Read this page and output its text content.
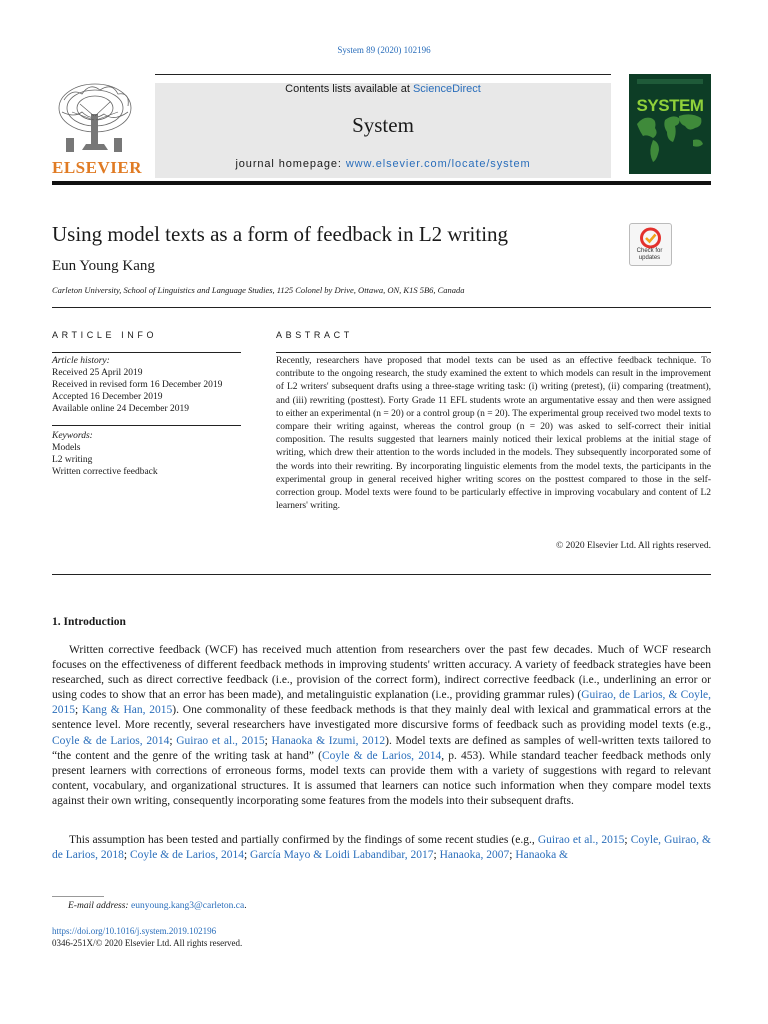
System 89 (2020) 102196
Contents lists available at ScienceDirect
System
journal homepage: www.elsevier.com/locate/system
ELSEVIER
SYSTEM
Using model texts as a form of feedback in L2 writing
Check for updates
Eun Young Kang
Carleton University, School of Linguistics and Language Studies, 1125 Colonel by Drive, Ottawa, ON, K1S 5B6, Canada
ARTICLE INFO	ABSTRACT
Article history:
Received 25 April 2019
Received in revised form 16 December 2019
Accepted 16 December 2019
Available online 24 December 2019
Keywords:
Models
L2 writing
Written corrective feedback
Recently, researchers have proposed that model texts can be used as an effective feedback technique. To contribute to the ongoing research, the study examined the extent to which models can result in the improvement of L2 writers' subsequent drafts using a three-stage writing task: (i) writing (pretest), (ii) comparing (treatment), and (iii) rewriting (posttest). Forty Grade 11 EFL students wrote an argumentative essay and then were assigned to either an experimental (n = 20) or a control group (n = 20). The experimental group received two model texts to compare their writing against, whereas the control group (n = 20) was asked to self-correct their initial composition. The results suggested that learners mainly noticed their lexical problems at the initial stage of writing, which drew their attention to the words included in the models. They subsequently incorporated some of the words into their rewriting. By incorporating linguistic elements from the model texts, the participants in the experimental group in general received higher writing scores on the posttest compared to those in the self-correction group. Model texts were found to be particularly effective in improving vocabulary and content of L2 learners' writing.
© 2020 Elsevier Ltd. All rights reserved.
1. Introduction
Written corrective feedback (WCF) has received much attention from researchers over the past few decades. Much of WCF research focuses on the effectiveness of different feedback methods in improving students' written accuracy. A variety of feedback strategies have been researched, such as direct corrective feedback (i.e., provision of the correct form), indirect corrective feedback (i.e., underlining an error or using codes to show that an error has been made), and metalinguistic explanation (i.e., providing grammar rules) (Guirao, de Larios, & Coyle, 2015; Kang & Han, 2015). One commonality of these feedback methods is that they mainly deal with lexical and grammatical errors at the sentence level. More recently, several researchers have investigated more discursive forms of feedback such as providing model texts (e.g., Coyle & de Larios, 2014; Guirao et al., 2015; Hanaoka & Izumi, 2012). Model texts are defined as samples of well-written texts tailored to “the content and the genre of the writing task at hand” (Coyle & de Larios, 2014, p. 453). While standard teacher feedback methods only present learners with corrections of erroneous forms, model texts can provide them with a variety of suggestions with regard to relevant content, vocabulary, and organizational structures. It is assumed that learners can notice such information when they compare model texts against their own writing, consequently incorporating some features from the models into their subsequent drafts.
This assumption has been tested and partially confirmed by the findings of some recent studies (e.g., Guirao et al., 2015; Coyle, Guirao, & de Larios, 2018; Coyle & de Larios, 2014; García Mayo & Loidi Labandibar, 2017; Hanaoka, 2007; Hanaoka &
E-mail address: eunyoung.kang3@carleton.ca.
https://doi.org/10.1016/j.system.2019.102196
0346-251X/© 2020 Elsevier Ltd. All rights reserved.
